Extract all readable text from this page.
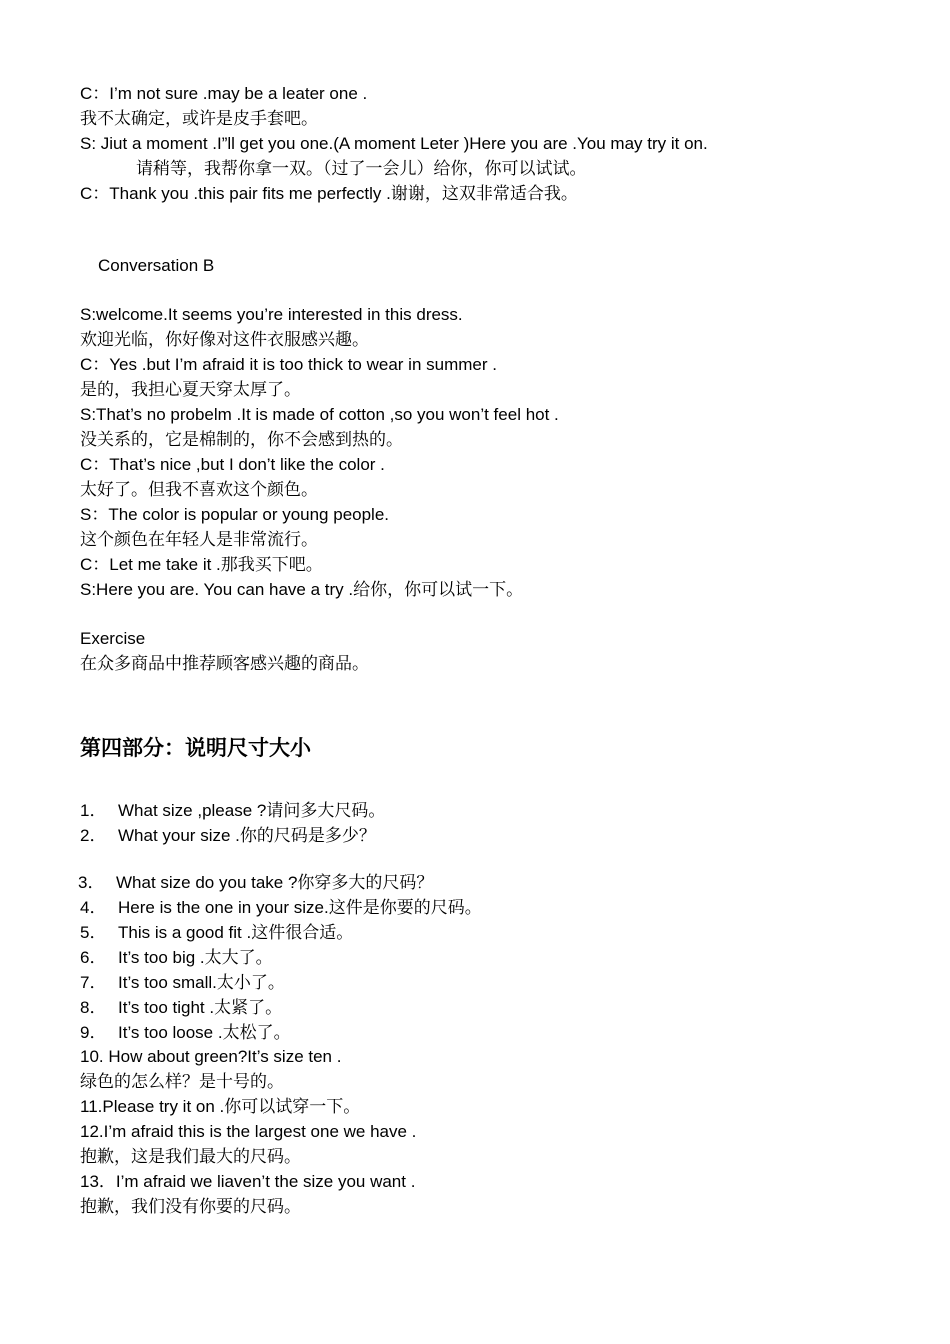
C：I’m not sure .may be a leater one .
我不太确定，或许是皮手套吧。
S: Jiut a moment .I”ll get you one.(A moment Leter )Here you are .You may try it on.
请稍等，我帮你拿一双。（过了一会儿）给你，你可以试试。
C：Thank you .this pair fits me perfectly .谢谢，这双非常适合我。
Conversation B
S:welcome.It seems you’re interested in this dress.
欢迎光临，你好像对这件衣服感兴趣。
C：Yes .but I’m afraid it is too thick to wear in summer .
是的，我担心夏天穿太厚了。
S:That’s no probelm .It is made of cotton ,so you won’t feel hot .
没关系的，它是棉制的，你不会感到热的。
C：That’s nice ,but I don’t like the color .
太好了。但我不喜欢这个颜色。
S：The color is popular or young people.
这个颜色在年轻人是非常流行。
C：Let me take it .那我买下吧。
S:Here you are. You can have a try .给你，你可以试一下。
Exercise
在众多商品中推荐顾客感兴趣的商品。
第四部分：说明尺寸大小
1． What size ,please ?请问多大尺码。
2． What your size .你的尺码是多少？
3． What size do you take ?你穿多大的尺码？
4． Here is the one in your size.这件是你要的尺码。
5． This is a good fit .这件很合适。
6． It’s too big .太大了。
7． It’s too small.太小了。
8． It’s too tight .太紧了。
9． It’s too loose .太松了。
10. How about green?It’s size ten .
绿色的怎么样？是十号的。
11.Please try it on .你可以试穿一下。
12.I’m afraid this is the largest one we have .
抱歉，这是我们最大的尺码。
13．I’m afraid we liaven’t the size you want .
抱歉，我们没有你要的尺码。
